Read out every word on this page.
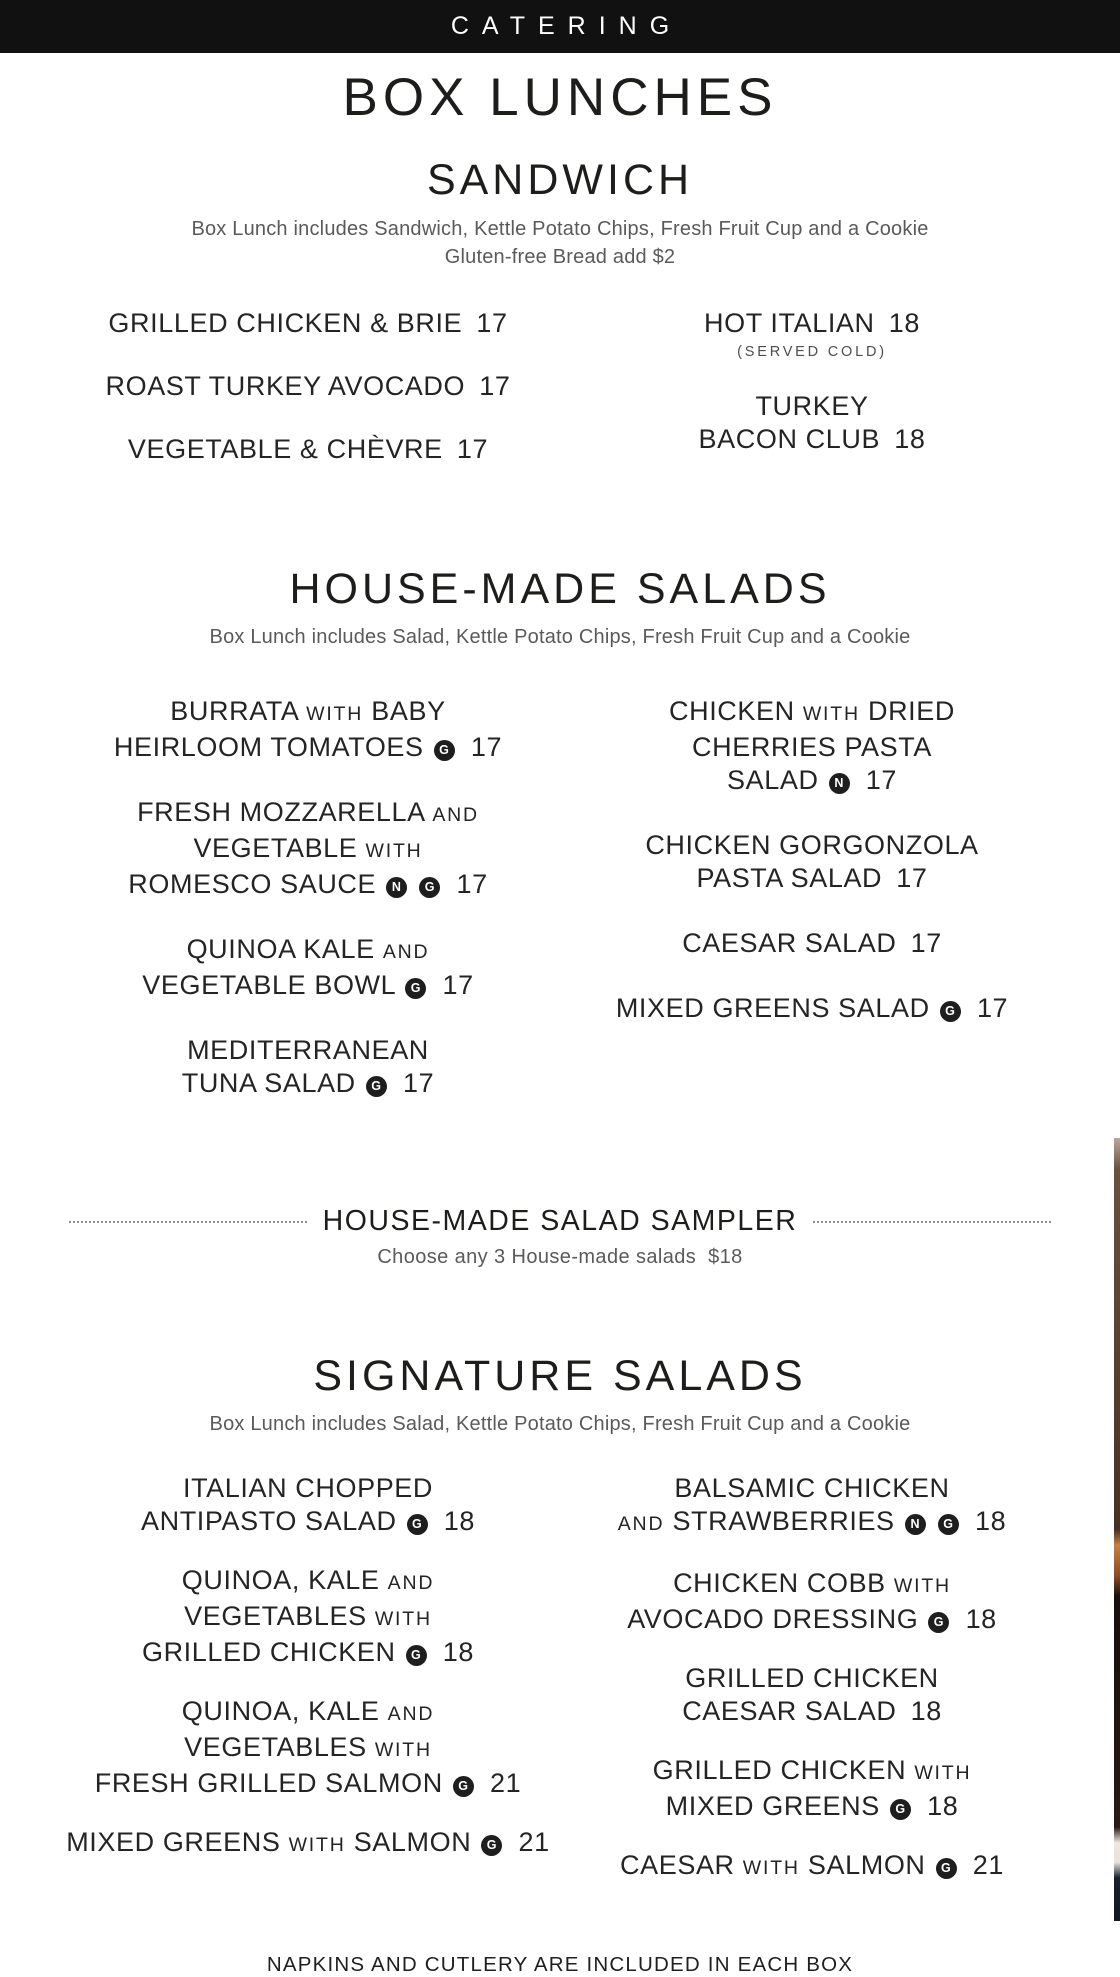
CATERING
BOX LUNCHES
SANDWICH
Box Lunch includes Sandwich, Kettle Potato Chips, Fresh Fruit Cup and a Cookie
Gluten-free Bread add $2
GRILLED CHICKEN & BRIE 17
ROAST TURKEY AVOCADO 17
VEGETABLE & CHÈVRE 17
HOT ITALIAN 18
(SERVED COLD)
TURKEY
BACON CLUB 18
HOUSE-MADE SALADS
Box Lunch includes Salad, Kettle Potato Chips, Fresh Fruit Cup and a Cookie
BURRATA WITH BABY
HEIRLOOM TOMATOES G 17
FRESH MOZZARELLA AND
VEGETABLE WITH
ROMESCO SAUCE N G 17
QUINOA KALE AND
VEGETABLE BOWL G 17
MEDITERRANEAN
TUNA SALAD G 17
CHICKEN WITH DRIED
CHERRIES PASTA
SALAD N 17
CHICKEN GORGONZOLA
PASTA SALAD 17
CAESAR SALAD 17
MIXED GREENS SALAD G 17
HOUSE-MADE SALAD SAMPLER

Choose any 3 House-made salads  $18

SIGNATURE SALADS
Box Lunch includes Salad, Kettle Potato Chips, Fresh Fruit Cup and a Cookie
ITALIAN CHOPPED
ANTIPASTO SALAD G 18
QUINOA, KALE AND
VEGETABLES WITH
GRILLED CHICKEN G 18
QUINOA, KALE AND
VEGETABLES WITH
FRESH GRILLED SALMON G 21
MIXED GREENS WITH SALMON G 21
BALSAMIC CHICKEN
AND STRAWBERRIES N G 18
CHICKEN COBB WITH
AVOCADO DRESSING G 18
GRILLED CHICKEN
CAESAR SALAD 18
GRILLED CHICKEN WITH
MIXED GREENS G 18
CAESAR WITH SALMON G 21
NAPKINS AND CUTLERY ARE INCLUDED IN EACH BOX
